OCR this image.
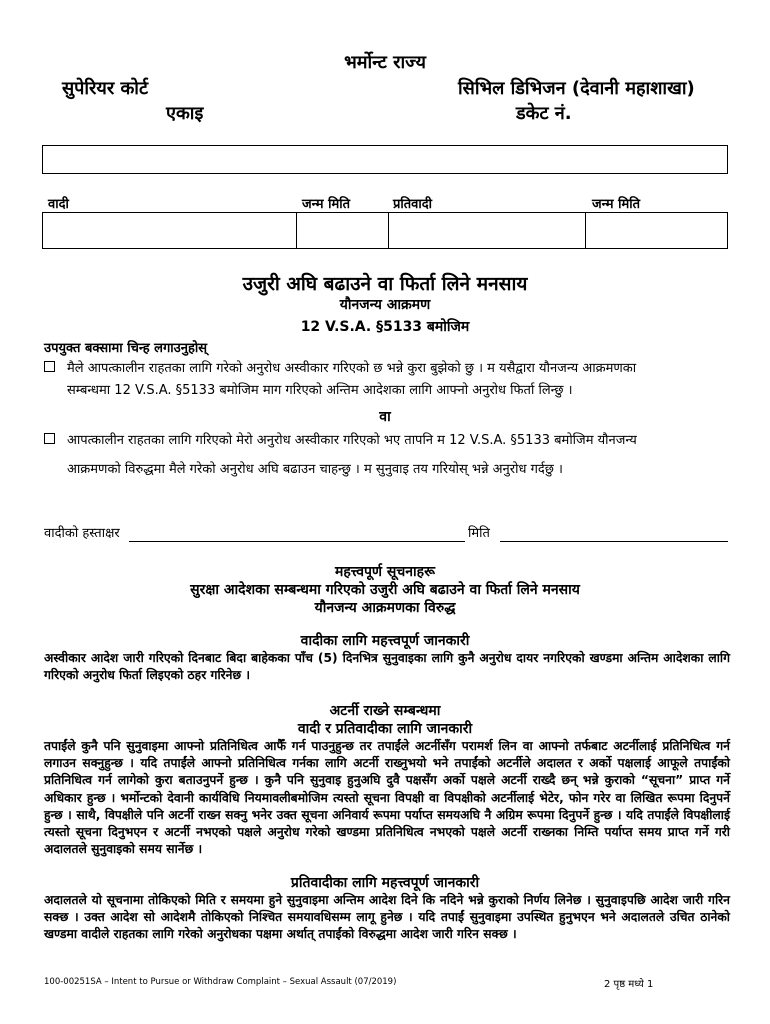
भर्मोन्ट राज्य
सुपेरियर कोर्ट
एकाइ
सिभिल डिभिजन (देवानी महाशाखा)
डकेट नं.
वादी	जन्म मिति	प्रतिवादी	जन्म मिति
उजुरी अघि बढाउने वा फिर्ता लिने मनसाय
यौनजन्य आक्रमण
12 V.S.A. §5133 बमोजिम
उपयुक्त बक्सामा चिन्ह लगाउनुहोस्
मैले आपत्कालीन राहतका लागि गरेको अनुरोध अस्वीकार गरिएको छ भन्ने कुरा बुझेको छु । म यसैद्वारा यौनजन्य आक्रमणका
सम्बन्धमा 12 V.S.A. §5133 बमोजिम माग गरिएको अन्तिम आदेशका लागि आफ्नो अनुरोध फिर्ता लिन्छु ।
वा
आपत्कालीन राहतका लागि गरिएको मेरो अनुरोध अस्वीकार गरिएको भए तापनि म 12 V.S.A. §5133 बमोजिम यौनजन्य
आक्रमणको विरुद्धमा मैले गरेको अनुरोध अघि बढाउन चाहन्छु । म सुनुवाइ तय गरियोस् भन्ने अनुरोध गर्दछु ।
वादीको हस्ताक्षर	मिति
महत्त्वपूर्ण सूचनाहरू
सुरक्षा आदेशका सम्बन्धमा गरिएको उजुरी अघि बढाउने वा फिर्ता लिने मनसाय
यौनजन्य आक्रमणका विरुद्ध
वादीका लागि महत्त्वपूर्ण जानकारी
अस्वीकार आदेश जारी गरिएको दिनबाट बिदा बाहेकका पाँच (5) दिनभित्र सुनुवाइका लागि कुनै अनुरोध दायर नगरिएको खण्डमा अन्तिम आदेशका लागि गरिएको अनुरोध फिर्ता लिइएको ठहर गरिनेछ ।
अटर्नी राख्ने सम्बन्धमा
वादी र प्रतिवादीका लागि जानकारी
तपाईंले कुनै पनि सुनुवाइमा आफ्नो प्रतिनिधित्व आफैँ गर्न पाउनुहुन्छ तर तपाईंले अटर्नीसँग परामर्श लिन वा आफ्नो तर्फबाट अटर्नीलाई प्रतिनिधित्व गर्न लगाउन सक्नुहुन्छ । यदि तपाईंले आफ्नो प्रतिनिधित्व गर्नका लागि अटर्नी राख्नुभयो भने तपाईंको अटर्नीले अदालत र अर्को पक्षलाई आफूले तपाईंको प्रतिनिधित्व गर्न लागेको कुरा बताउनुपर्ने हुन्छ । कुनै पनि सुनुवाइ हुनुअघि दुवै पक्षसँग अर्को पक्षले अटर्नी राख्दै छन् भन्ने कुराको “सूचना” प्राप्त गर्ने अधिकार हुन्छ । भर्मोन्टको देवानी कार्यविधि नियमावलीबमोजिम त्यस्तो सूचना विपक्षी वा विपक्षीको अटर्नीलाई भेटेर, फोन गरेर वा लिखित रूपमा दिनुपर्ने हुन्छ । साथै, विपक्षीले पनि अटर्नी राख्न सक्नु भनेर उक्त सूचना अनिवार्य रूपमा पर्याप्त समयअघि नै अग्रिम रूपमा दिनुपर्ने हुन्छ । यदि तपाईंले विपक्षीलाई त्यस्तो सूचना दिनुभएन र अटर्नी नभएको पक्षले अनुरोध गरेको खण्डमा प्रतिनिधित्व नभएको पक्षले अटर्नी राख्नका निम्ति पर्याप्त समय प्राप्त गर्ने गरी अदालतले सुनुवाइको समय सार्नेछ ।
प्रतिवादीका लागि महत्त्वपूर्ण जानकारी
अदालतले यो सूचनामा तोकिएको मिति र समयमा हुने सुनुवाइमा अन्तिम आदेश दिने कि नदिने भन्ने कुराको निर्णय लिनेछ । सुनुवाइपछि आदेश जारी गरिन सक्छ । उक्त आदेश सो आदेशमै तोकिएको निश्चित समयावधिसम्म लागू हुनेछ । यदि तपाईं सुनुवाइमा उपस्थित हुनुभएन भने अदालतले उचित ठानेको खण्डमा वादीले राहतका लागि गरेको अनुरोधका पक्षमा अर्थात् तपाईंको विरुद्धमा आदेश जारी गरिन सक्छ ।
100-00251SA – Intent to Pursue or Withdraw Complaint – Sexual Assault (07/2019)	2 पृष्ठ मध्ये 1
